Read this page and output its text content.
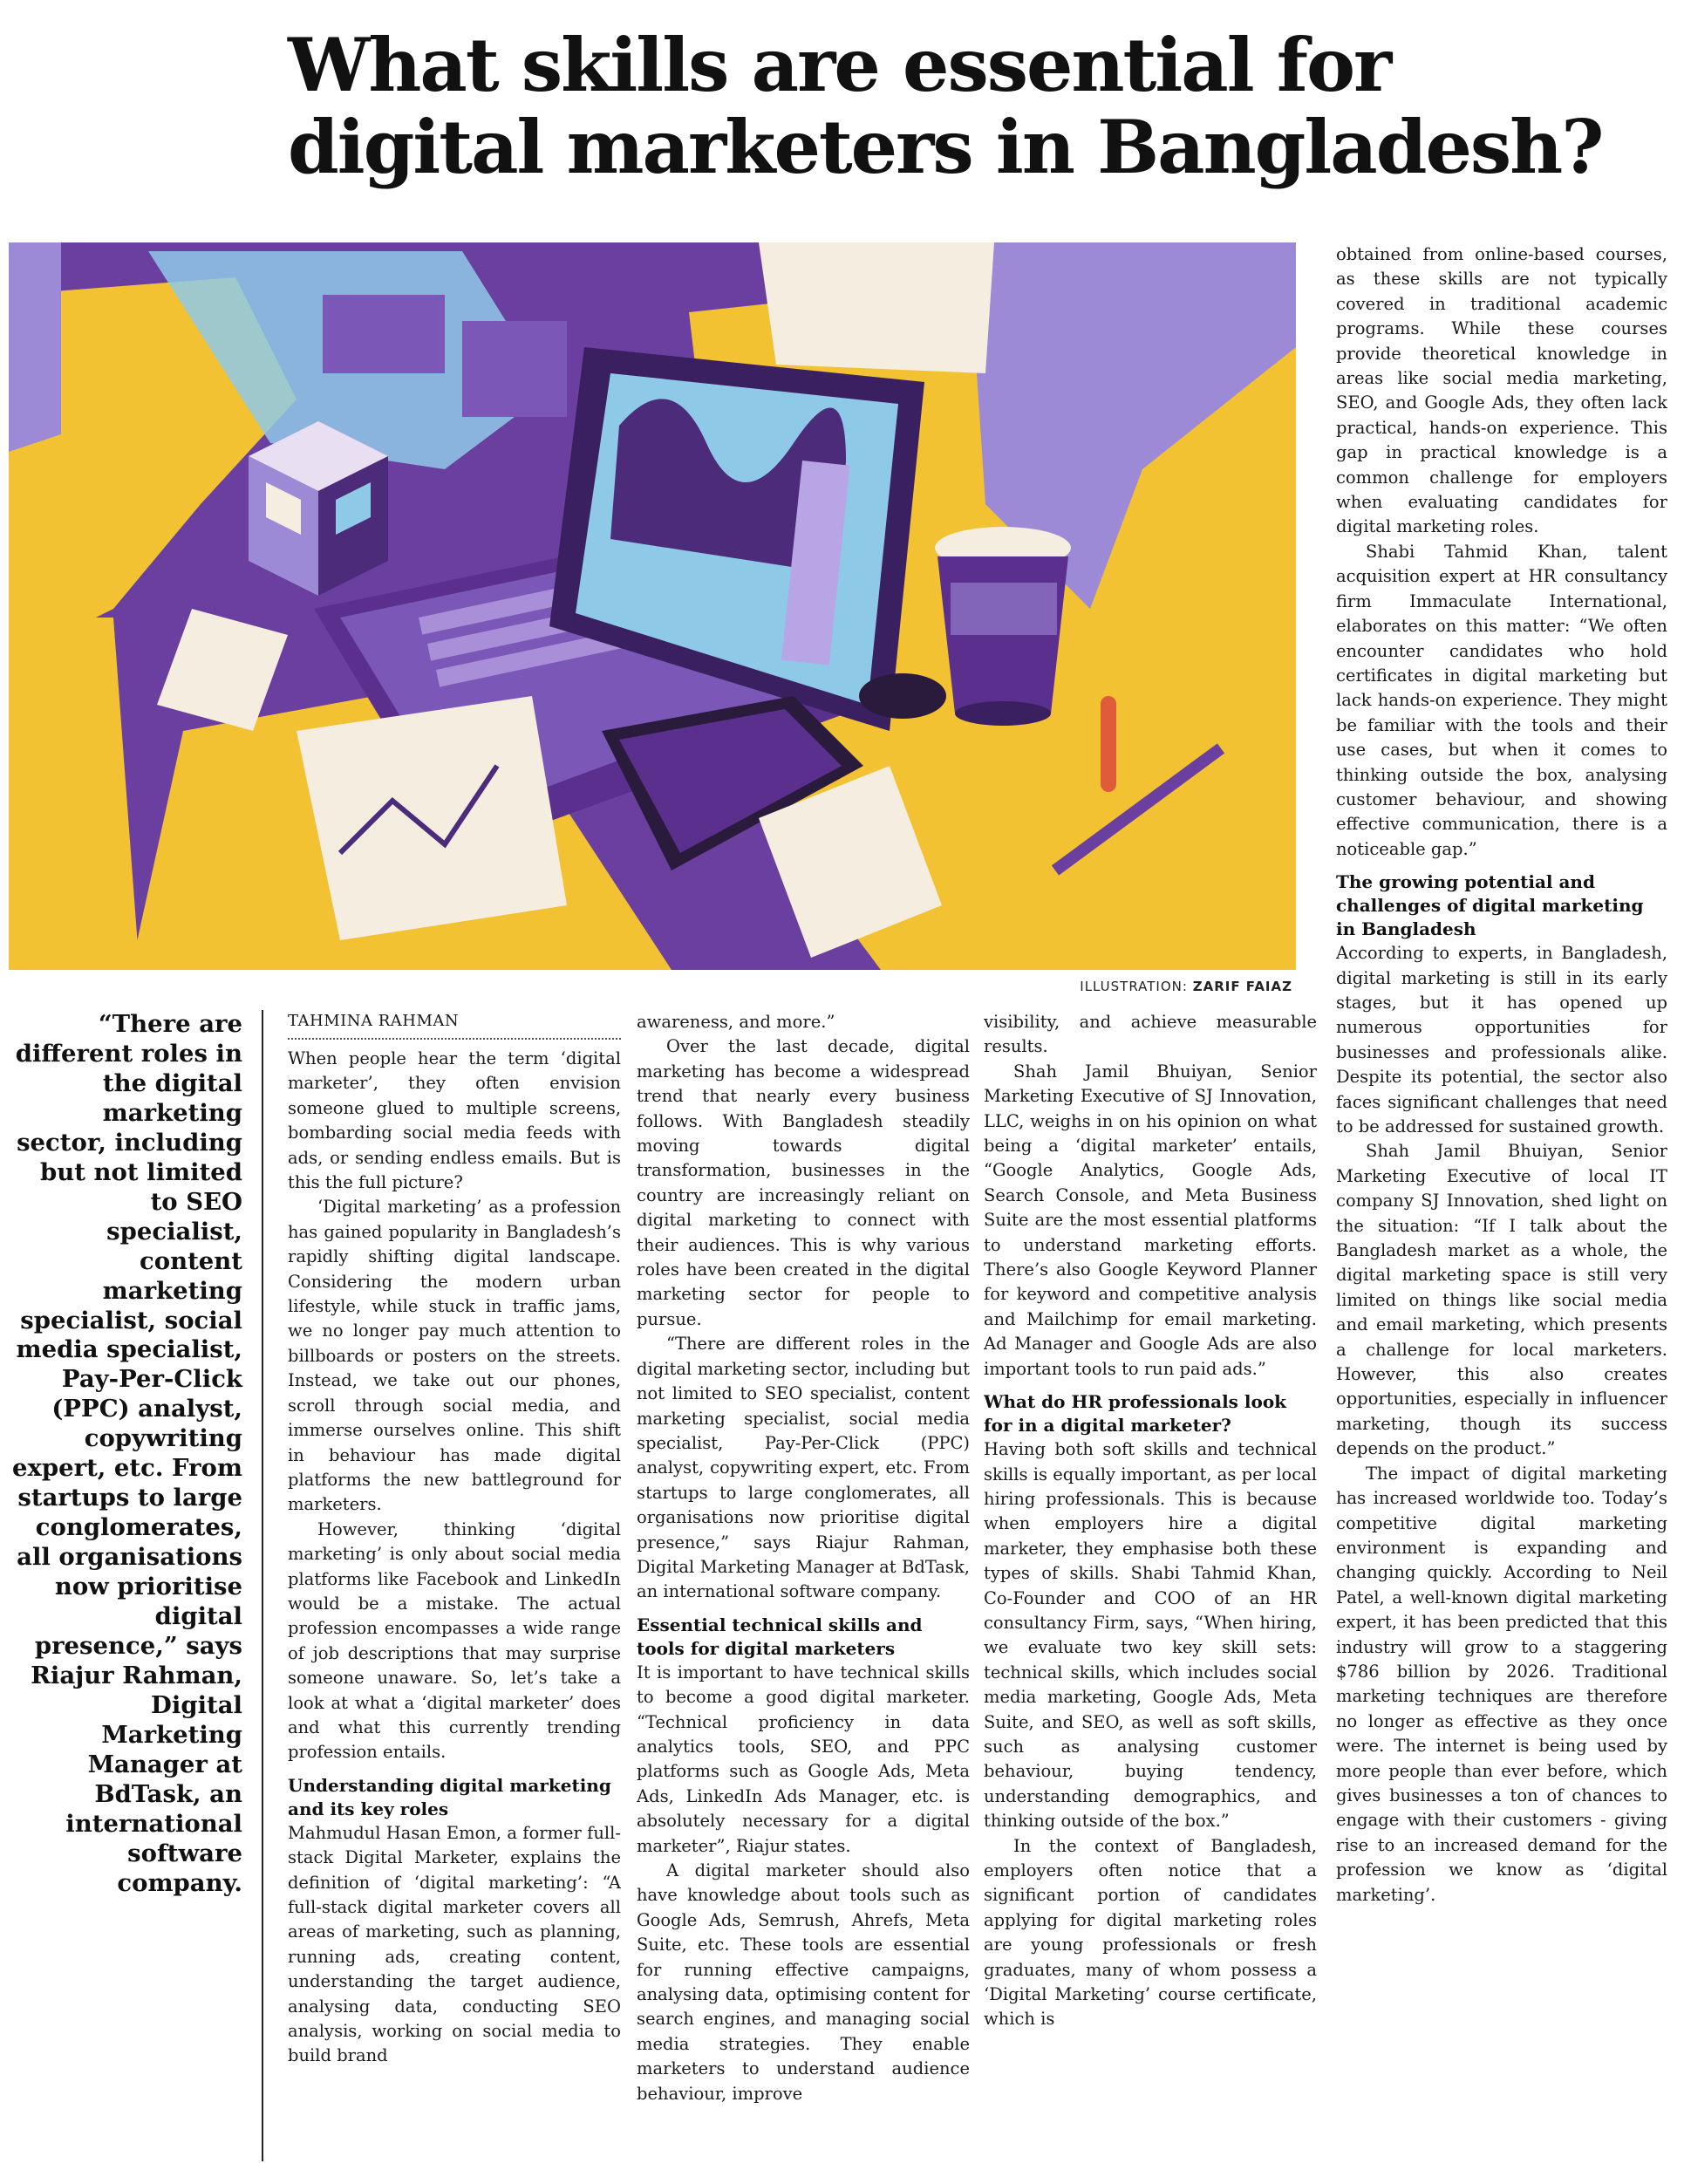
What skills are essential for digital marketers in Bangladesh?
ILLUSTRATION: ZARIF FAIAZ

“There are different roles in the digital marketing sector, including but not limited to SEO specialist, content marketing specialist, social media specialist, Pay-Per-Click (PPC) analyst, copywriting expert, etc. From startups to large conglomerates, all organisations now prioritise digital presence,” says Riajur Rahman, Digital Marketing Manager at BdTask, an international software company.

TAHMINA RAHMAN

When people hear the term ‘digital marketer’, they often envision someone glued to multiple screens, bombarding social media feeds with ads, or sending endless emails. But is this the full picture?

‘Digital marketing’ as a profession has gained popularity in Bangladesh’s rapidly shifting digital landscape. Considering the modern urban lifestyle, while stuck in traffic jams, we no longer pay much attention to billboards or posters on the streets. Instead, we take out our phones, scroll through social media, and immerse ourselves online. This shift in behaviour has made digital platforms the new battleground for marketers.

However, thinking ‘digital marketing’ is only about social media platforms like Facebook and LinkedIn would be a mistake. The actual profession encompasses a wide range of job descriptions that may surprise someone unaware. So, let’s take a look at what a ‘digital marketer’ does and what this currently trending profession entails.

Understanding digital marketing and its key roles

Mahmudul Hasan Emon, a former full-stack Digital Marketer, explains the definition of ‘digital marketing’: “A full-stack digital marketer covers all areas of marketing, such as planning, running ads, creating content, understanding the target audience, analysing data, conducting SEO analysis, working on social media to build brand

awareness, and more.”

Over the last decade, digital marketing has become a widespread trend that nearly every business follows. With Bangladesh steadily moving towards digital transformation, businesses in the country are increasingly reliant on digital marketing to connect with their audiences. This is why various roles have been created in the digital marketing sector for people to pursue.

“There are different roles in the digital marketing sector, including but not limited to SEO specialist, content marketing specialist, social media specialist, Pay-Per-Click (PPC) analyst, copywriting expert, etc. From startups to large conglomerates, all organisations now prioritise digital presence,” says Riajur Rahman, Digital Marketing Manager at BdTask, an international software company.

Essential technical skills and tools for digital marketers

It is important to have technical skills to become a good digital marketer. “Technical proficiency in data analytics tools, SEO, and PPC platforms such as Google Ads, Meta Ads, LinkedIn Ads Manager, etc. is absolutely necessary for a digital marketer”, Riajur states.

A digital marketer should also have knowledge about tools such as Google Ads, Semrush, Ahrefs, Meta Suite, etc. These tools are essential for running effective campaigns, analysing data, optimising content for search engines, and managing social media strategies. They enable marketers to understand audience behaviour, improve

visibility, and achieve measurable results.

Shah Jamil Bhuiyan, Senior Marketing Executive of SJ Innovation, LLC, weighs in on his opinion on what being a ‘digital marketer’ entails, “Google Analytics, Google Ads, Search Console, and Meta Business Suite are the most essential platforms to understand marketing efforts. There’s also Google Keyword Planner for keyword and competitive analysis and Mailchimp for email marketing. Ad Manager and Google Ads are also important tools to run paid ads.”

What do HR professionals look for in a digital marketer?

Having both soft skills and technical skills is equally important, as per local hiring professionals. This is because when employers hire a digital marketer, they emphasise both these types of skills. Shabi Tahmid Khan, Co-Founder and COO of an HR consultancy Firm, says, “When hiring, we evaluate two key skill sets: technical skills, which includes social media marketing, Google Ads, Meta Suite, and SEO, as well as soft skills, such as analysing customer behaviour, buying tendency, understanding demographics, and thinking outside of the box.”

In the context of Bangladesh, employers often notice that a significant portion of candidates applying for digital marketing roles are young professionals or fresh graduates, many of whom possess a ‘Digital Marketing’ course certificate, which is

obtained from online-based courses, as these skills are not typically covered in traditional academic programs. While these courses provide theoretical knowledge in areas like social media marketing, SEO, and Google Ads, they often lack practical, hands-on experience. This gap in practical knowledge is a common challenge for employers when evaluating candidates for digital marketing roles.

Shabi Tahmid Khan, talent acquisition expert at HR consultancy firm Immaculate International, elaborates on this matter: “We often encounter candidates who hold certificates in digital marketing but lack hands-on experience. They might be familiar with the tools and their use cases, but when it comes to thinking outside the box, analysing customer behaviour, and showing effective communication, there is a noticeable gap.”

The growing potential and challenges of digital marketing in Bangladesh

According to experts, in Bangladesh, digital marketing is still in its early stages, but it has opened up numerous opportunities for businesses and professionals alike. Despite its potential, the sector also faces significant challenges that need to be addressed for sustained growth.

Shah Jamil Bhuiyan, Senior Marketing Executive of local IT company SJ Innovation, shed light on the situation: “If I talk about the Bangladesh market as a whole, the digital marketing space is still very limited on things like social media and email marketing, which presents a challenge for local marketers. However, this also creates opportunities, especially in influencer marketing, though its success depends on the product.”

The impact of digital marketing has increased worldwide too. Today’s competitive digital marketing environment is expanding and changing quickly. According to Neil Patel, a well-known digital marketing expert, it has been predicted that this industry will grow to a staggering $786 billion by 2026. Traditional marketing techniques are therefore no longer as effective as they once were. The internet is being used by more people than ever before, which gives businesses a ton of chances to engage with their customers - giving rise to an increased demand for the profession we know as ‘digital marketing’.
